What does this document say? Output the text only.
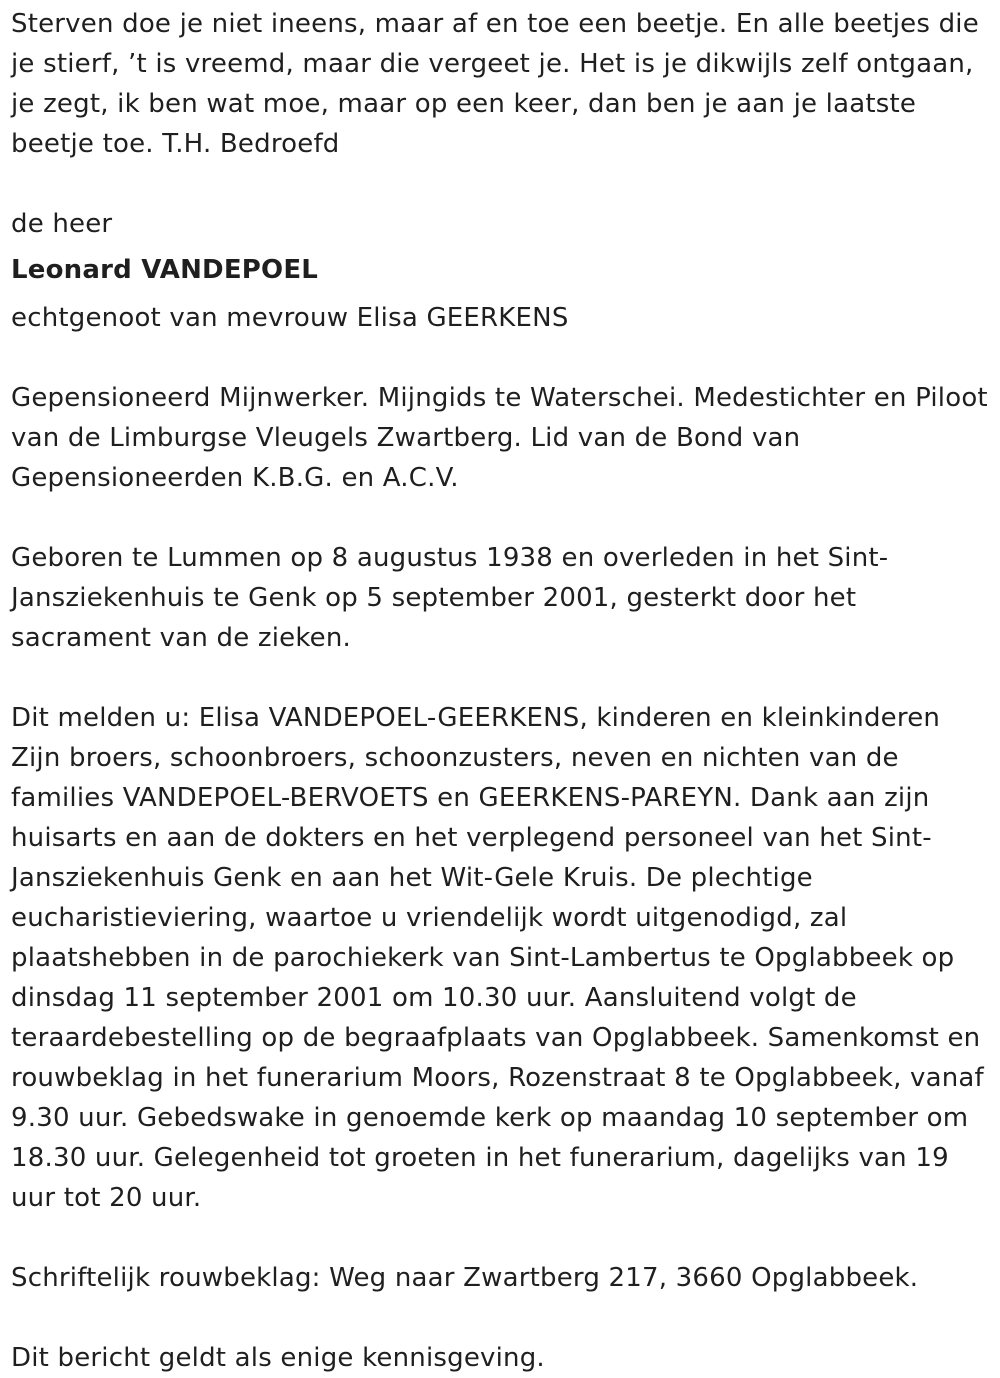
Sterven doe je niet ineens, maar af en toe een beetje. En alle beetjes die je stierf, ’t is vreemd, maar die vergeet je. Het is je dikwijls zelf ontgaan, je zegt, ik ben wat moe, maar op een keer, dan ben je aan je laatste beetje toe. T.H. Bedroefd

de heer

Leonard VANDEPOEL

echtgenoot van mevrouw Elisa GEERKENS

Gepensioneerd Mijnwerker. Mijngids te Waterschei. Medestichter en Piloot van de Limburgse Vleugels Zwartberg. Lid van de Bond van Gepensioneerden K.B.G. en A.C.V.

Geboren te Lummen op 8 augustus 1938 en overleden in het Sint-Jansziekenhuis te Genk op 5 september 2001, gesterkt door het sacrament van de zieken.

Dit melden u: Elisa VANDEPOEL-GEERKENS, kinderen en kleinkinderen Zijn broers, schoonbroers, schoonzusters, neven en nichten van de families VANDEPOEL-BERVOETS en GEERKENS-PAREYN. Dank aan zijn huisarts en aan de dokters en het verplegend personeel van het Sint-Jansziekenhuis Genk en aan het Wit-Gele Kruis. De plechtige eucharistieviering, waartoe u vriendelijk wordt uitgenodigd, zal plaatshebben in de parochiekerk van Sint-Lambertus te Opglabbeek op dinsdag 11 september 2001 om 10.30 uur. Aansluitend volgt de teraardebestelling op de begraafplaats van Opglabbeek. Samenkomst en rouwbeklag in het funerarium Moors, Rozenstraat 8 te Opglabbeek, vanaf 9.30 uur. Gebedswake in genoemde kerk op maandag 10 september om 18.30 uur. Gelegenheid tot groeten in het funerarium, dagelijks van 19 uur tot 20 uur.

Schriftelijk rouwbeklag: Weg naar Zwartberg 217, 3660 Opglabbeek.

Dit bericht geldt als enige kennisgeving.
